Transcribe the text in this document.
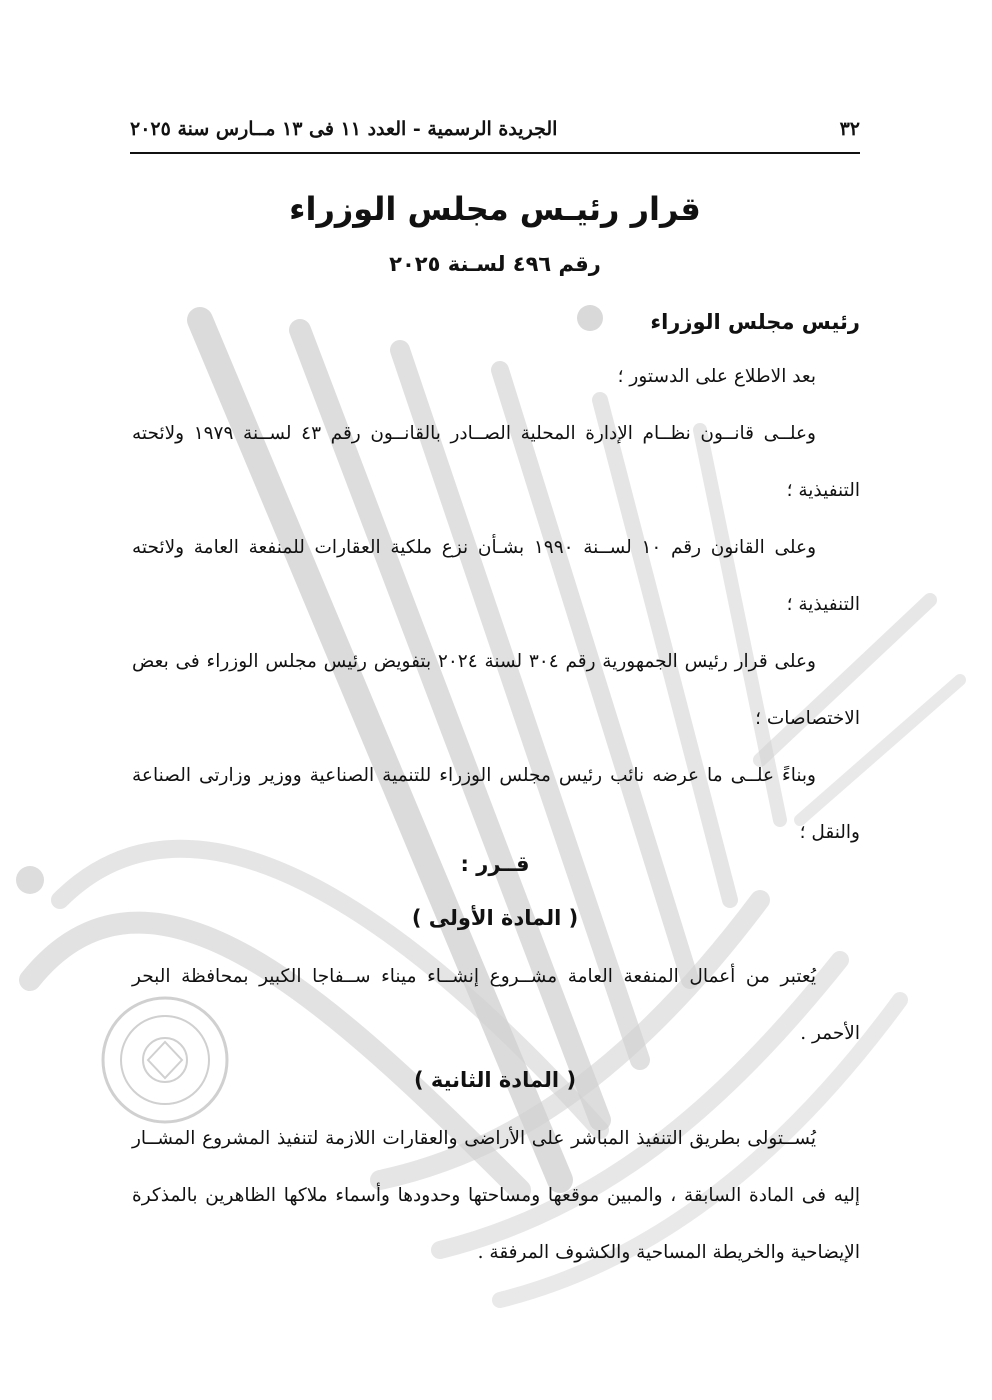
٣٢
الجريدة الرسمية - العدد ١١ فى ١٣ مــارس سنة ٢٠٢٥
قرار رئيـس مجلس الوزراء
رقم ٤٩٦ لسـنة ٢٠٢٥
رئيس مجلس الوزراء
بعد الاطلاع على الدستور ؛
وعلــى قانــون نظــام الإدارة المحلية الصــادر بالقانــون رقم ٤٣ لســنة ١٩٧٩ ولائحته التنفيذية ؛
وعلى القانون رقم ١٠ لســنة ١٩٩٠ بشـأن نزع ملكية العقارات للمنفعة العامة ولائحته التنفيذية ؛
وعلى قرار رئيس الجمهورية رقم ٣٠٤ لسنة ٢٠٢٤ بتفويض رئيس مجلس الوزراء فى بعض الاختصاصات ؛
وبناءً علــى ما عرضه نائب رئيس مجلس الوزراء للتنمية الصناعية ووزير وزارتى الصناعة والنقل ؛
قــرر :
( المادة الأولى )
يُعتبر من أعمال المنفعة العامة مشــروع إنشــاء ميناء ســفاجا الكبير بمحافظة البحر الأحمر .
( المادة الثانية )
يُســتولى بطريق التنفيذ المباشر على الأراضى والعقارات اللازمة لتنفيذ المشروع المشــار إليه فى المادة السابقة ، والمبين موقعها ومساحتها وحدودها وأسماء ملاكها الظاهرين بالمذكرة الإيضاحية والخريطة المساحية والكشوف المرفقة .
